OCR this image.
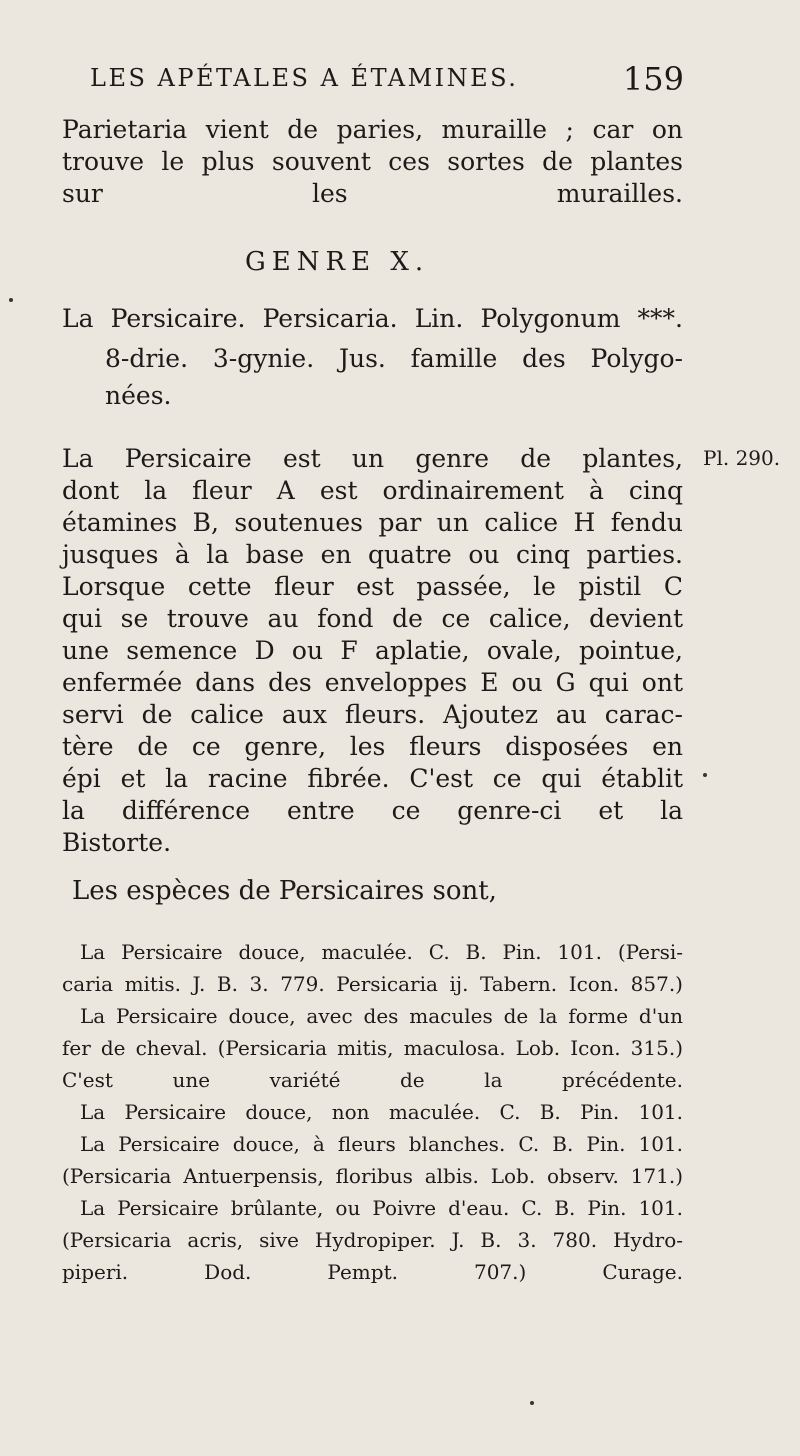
LES APÉTALES A ÉTAMINES.	159
Parietaria vient de paries, muraille ; car on
trouve le plus souvent ces sortes de plantes
sur les murailles.
GENRE X.
La Persicaire. Persicaria. Lin. Polygonum ***.
8-drie. 3-gynie. Jus. famille des Polygo-
nées.
La Persicaire est un genre de plantes,
dont la fleur A est ordinairement à cinq
étamines B, soutenues par un calice H fendu
jusques à la base en quatre ou cinq parties.
Lorsque cette fleur est passée, le pistil C
qui se trouve au fond de ce calice, devient
une semence D ou F aplatie, ovale, pointue,
enfermée dans des enveloppes E ou G qui ont
servi de calice aux fleurs. Ajoutez au carac-
tère de ce genre, les fleurs disposées en
épi et la racine fibrée. C'est ce qui établit
la différence entre ce genre-ci et la
Bistorte.
Pl. 290.
Les espèces de Persicaires sont,
La Persicaire douce, maculée. C. B. Pin. 101. (Persi-
caria mitis. J. B. 3. 779. Persicaria ij. Tabern. Icon. 857.)
La Persicaire douce, avec des macules de la forme d'un
fer de cheval. (Persicaria mitis, maculosa. Lob. Icon. 315.)
C'est une variété de la précédente.
La Persicaire douce, non maculée. C. B. Pin. 101.
La Persicaire douce, à fleurs blanches. C. B. Pin. 101.
(Persicaria Antuerpensis, floribus albis. Lob. observ. 171.)
La Persicaire brûlante, ou Poivre d'eau. C. B. Pin. 101.
(Persicaria acris, sive Hydropiper. J. B. 3. 780. Hydro-
piperi. Dod. Pempt. 707.) Curage.
